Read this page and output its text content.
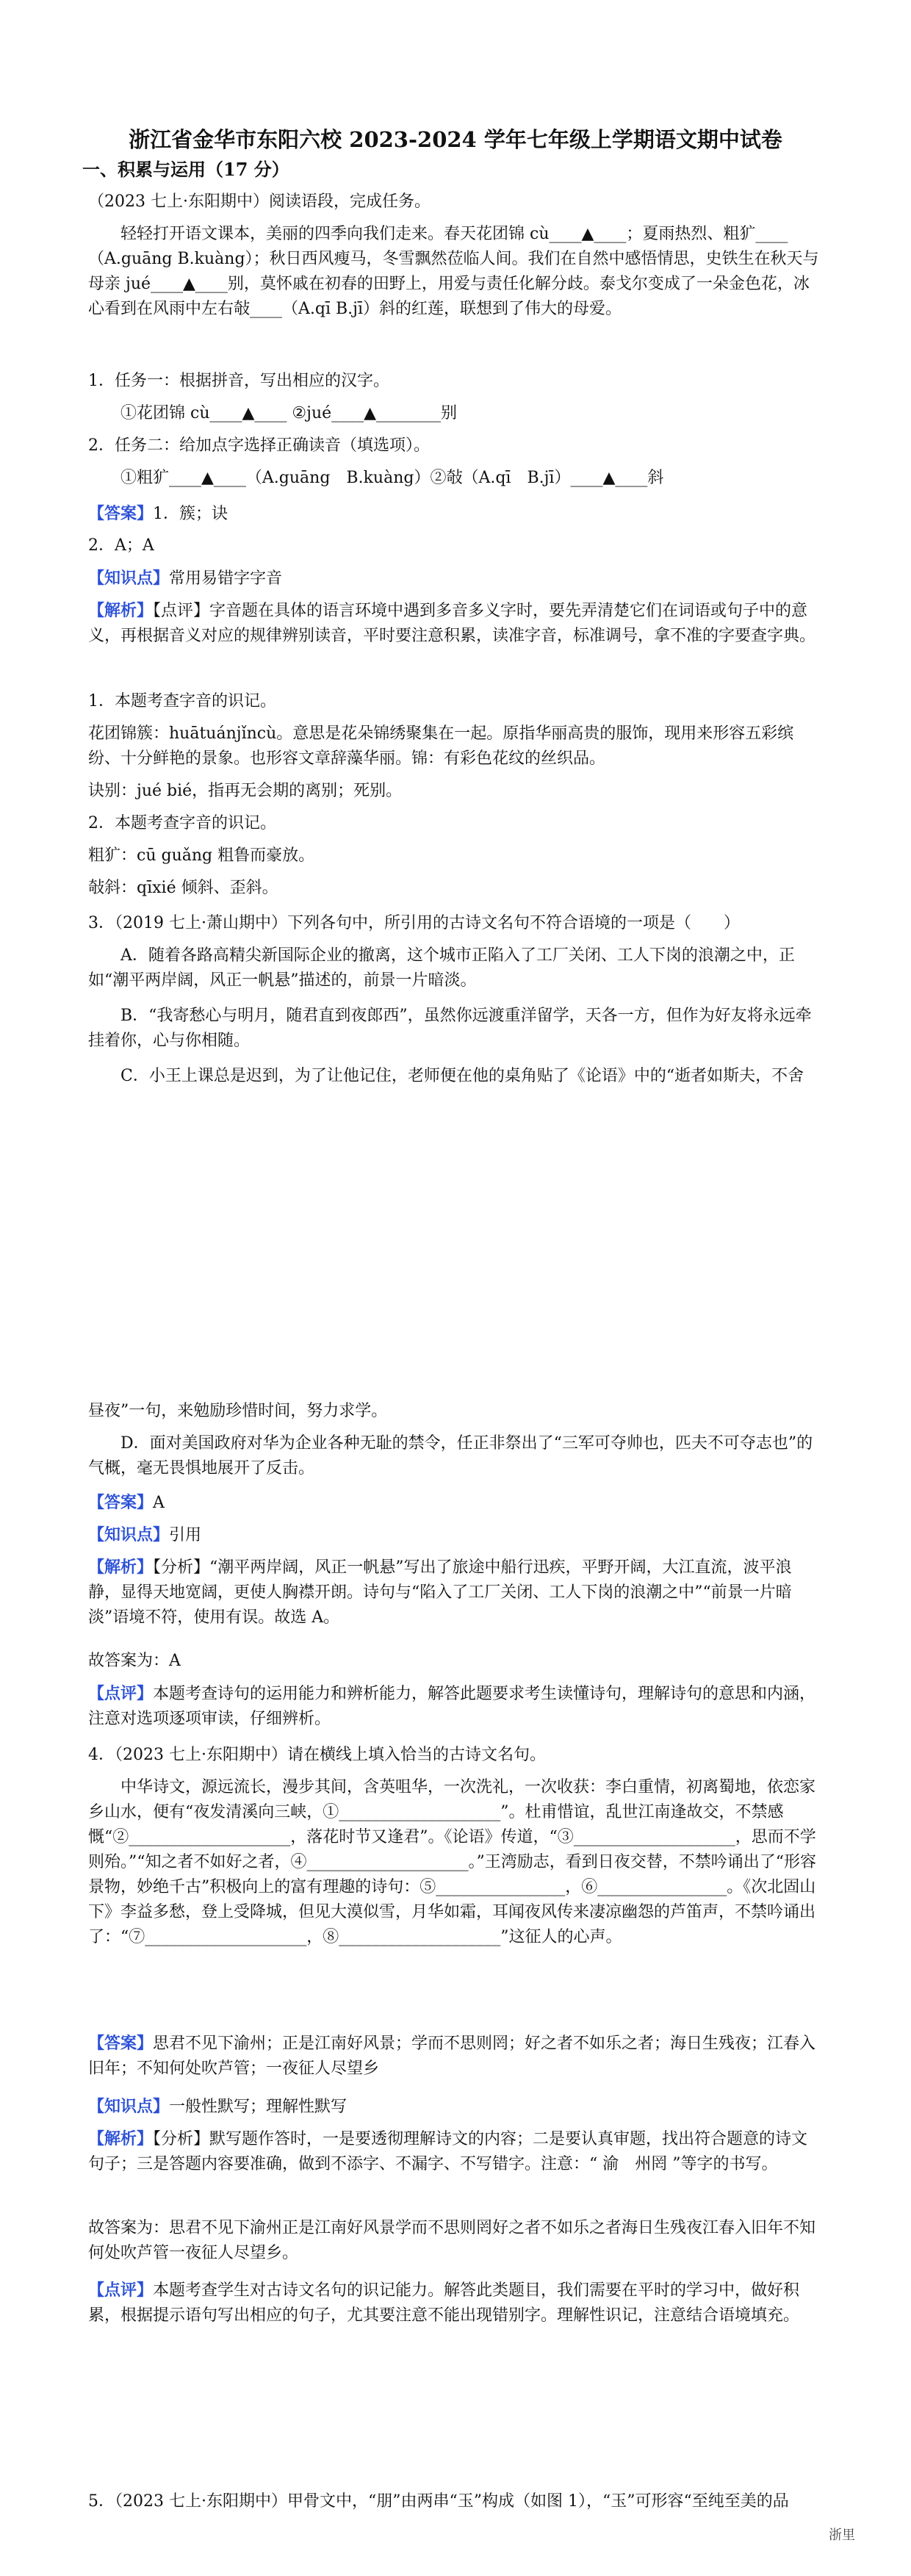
浙江省金华市东阳六校 2023-2024 学年七年级上学期语文期中试卷

一、积累与运用（17 分）

（2023 七上·东阳期中）阅读语段，完成任务。

轻轻打开语文课本，美丽的四季向我们走来。春天花团锦 cù____▲____；夏雨热烈、粗犷____（A.guāng B.kuàng）；秋日西风瘦马，冬雪飘然莅临人间。我们在自然中感悟情思，史铁生在秋天与母亲 jué____▲____别，莫怀戚在初春的田野上，用爱与责任化解分歧。泰戈尔变成了一朵金色花，冰心看到在风雨中左右敧____（A.qī B.jī）斜的红莲，联想到了伟大的母爱。

1．任务一：根据拼音，写出相应的汉字。

①花团锦 cù____▲____ ②jué____▲________别

2．任务二：给加点字选择正确读音（填选项）。

①粗犷____▲____（A.guāng　B.kuàng）②敧（A.qī　B.jī）____▲____斜

【答案】1．簇；诀

2．A；A

【知识点】常用易错字字音

【解析】【点评】字音题在具体的语言环境中遇到多音多义字时，要先弄清楚它们在词语或句子中的意义，再根据音义对应的规律辨别读音，平时要注意积累，读准字音，标准调号，拿不准的字要查字典。

1．本题考查字音的识记。

花团锦簇：huātuánjǐncù。意思是花朵锦绣聚集在一起。原指华丽高贵的服饰，现用来形容五彩缤纷、十分鲜艳的景象。也形容文章辞藻华丽。锦：有彩色花纹的丝织品。

诀别：jué bié，指再无会期的离别；死别。

2．本题考查字音的识记。

粗犷：cū guǎng 粗鲁而豪放。

敧斜：qīxié 倾斜、歪斜。

3．（2019 七上·萧山期中）下列各句中，所引用的古诗文名句不符合语境的一项是（　　）

A．随着各路高精尖新国际企业的撤离，这个城市正陷入了工厂关闭、工人下岗的浪潮之中，正如“潮平两岸阔，风正一帆悬”描述的，前景一片暗淡。

B．“我寄愁心与明月，随君直到夜郎西”，虽然你远渡重洋留学，天各一方，但作为好友将永远牵挂着你，心与你相随。

C．小王上课总是迟到，为了让他记住，老师便在他的桌角贴了《论语》中的“逝者如斯夫，不舍

昼夜”一句，来勉励珍惜时间，努力求学。

D．面对美国政府对华为企业各种无耻的禁令，任正非祭出了“三军可夺帅也，匹夫不可夺志也”的气概，毫无畏惧地展开了反击。

【答案】A

【知识点】引用

【解析】【分析】“潮平两岸阔，风正一帆悬”写出了旅途中船行迅疾，平野开阔，大江直流，波平浪静，显得天地宽阔，更使人胸襟开朗。诗句与“陷入了工厂关闭、工人下岗的浪潮之中”“前景一片暗淡”语境不符，使用有误。故选 A。

故答案为：A

【点评】本题考查诗句的运用能力和辨析能力，解答此题要求考生读懂诗句，理解诗句的意思和内涵，注意对选项逐项审读，仔细辨析。

4．（2023 七上·东阳期中）请在横线上填入恰当的古诗文名句。

中华诗文，源远流长，漫步其间，含英咀华，一次洗礼，一次收获：李白重情，初离蜀地，依恋家乡山水，便有“夜发清溪向三峡，①____________________”。杜甫惜谊，乱世江南逢故交，不禁感慨“②____________________，落花时节又逢君”。《论语》传道，“③____________________，思而不学则殆。”“知之者不如好之者，④____________________。”王湾励志，看到日夜交替，不禁吟诵出了“形容景物，妙绝千古”积极向上的富有理趣的诗句：⑤________________，⑥________________。《次北固山下》李益多愁，登上受降城，但见大漠似雪，月华如霜，耳闻夜风传来凄凉幽怨的芦笛声，不禁吟诵出了：“⑦____________________，⑧____________________”这征人的心声。

【答案】思君不见下渝州；正是江南好风景；学而不思则罔；好之者不如乐之者；海日生残夜；江春入旧年；不知何处吹芦管；一夜征人尽望乡

【知识点】一般性默写；理解性默写

【解析】【分析】默写题作答时，一是要透彻理解诗文的内容；二是要认真审题，找出符合题意的诗文句子；三是答题内容要准确，做到不添字、不漏字、不写错字。注意：“ 渝　州罔 ”等字的书写。

故答案为：思君不见下渝州正是江南好风景学而不思则罔好之者不如乐之者海日生残夜江春入旧年不知何处吹芦管一夜征人尽望乡。

【点评】本题考查学生对古诗文名句的识记能力。解答此类题目，我们需要在平时的学习中，做好积累，根据提示语句写出相应的句子，尤其要注意不能出现错别字。理解性识记，注意结合语境填充。

5．（2023 七上·东阳期中）甲骨文中，“朋”由两串“玉”构成（如图 1），“玉”可形容“至纯至美的品

浙里
